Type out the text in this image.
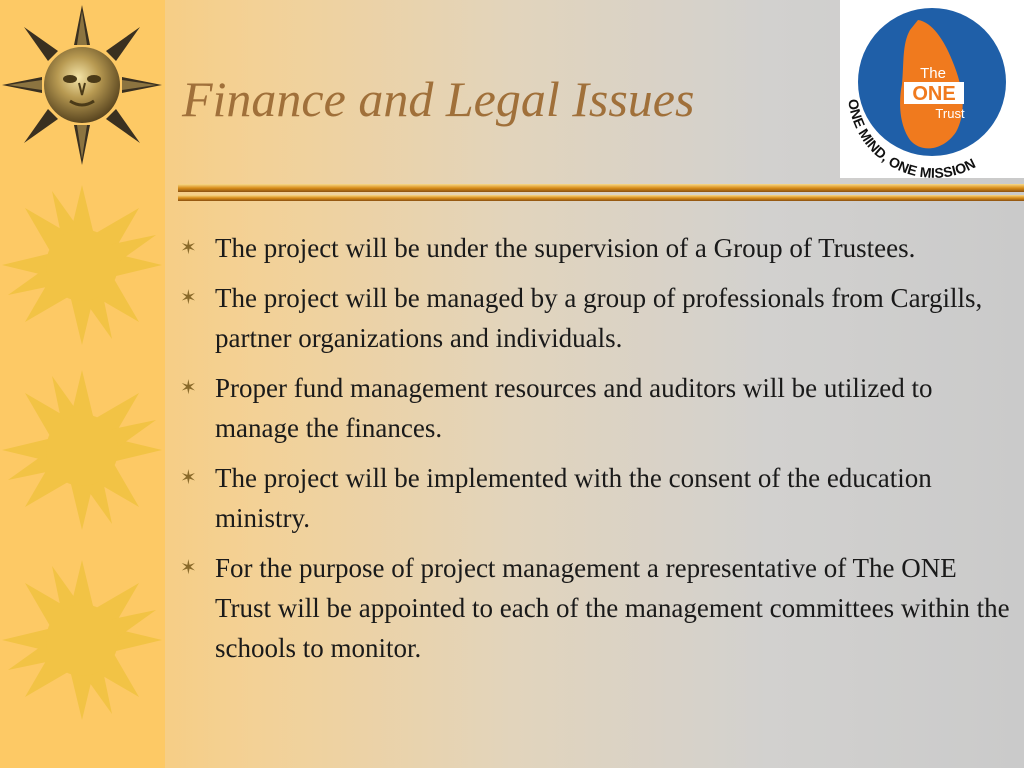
Finance and Legal Issues	The
ONE
Trust
ONE MIND, ONE MISSION
✶ The project will be under the supervision of a Group of Trustees.
✶ The project will be managed by a group of professionals from Cargills, partner organizations and individuals.
✶ Proper fund management resources and auditors will be utilized to manage the finances.
✶ The project will be implemented with the consent of the education ministry.
✶ For the purpose of project management a representative of The ONE Trust will be appointed to each of the management committees within the schools to monitor.
